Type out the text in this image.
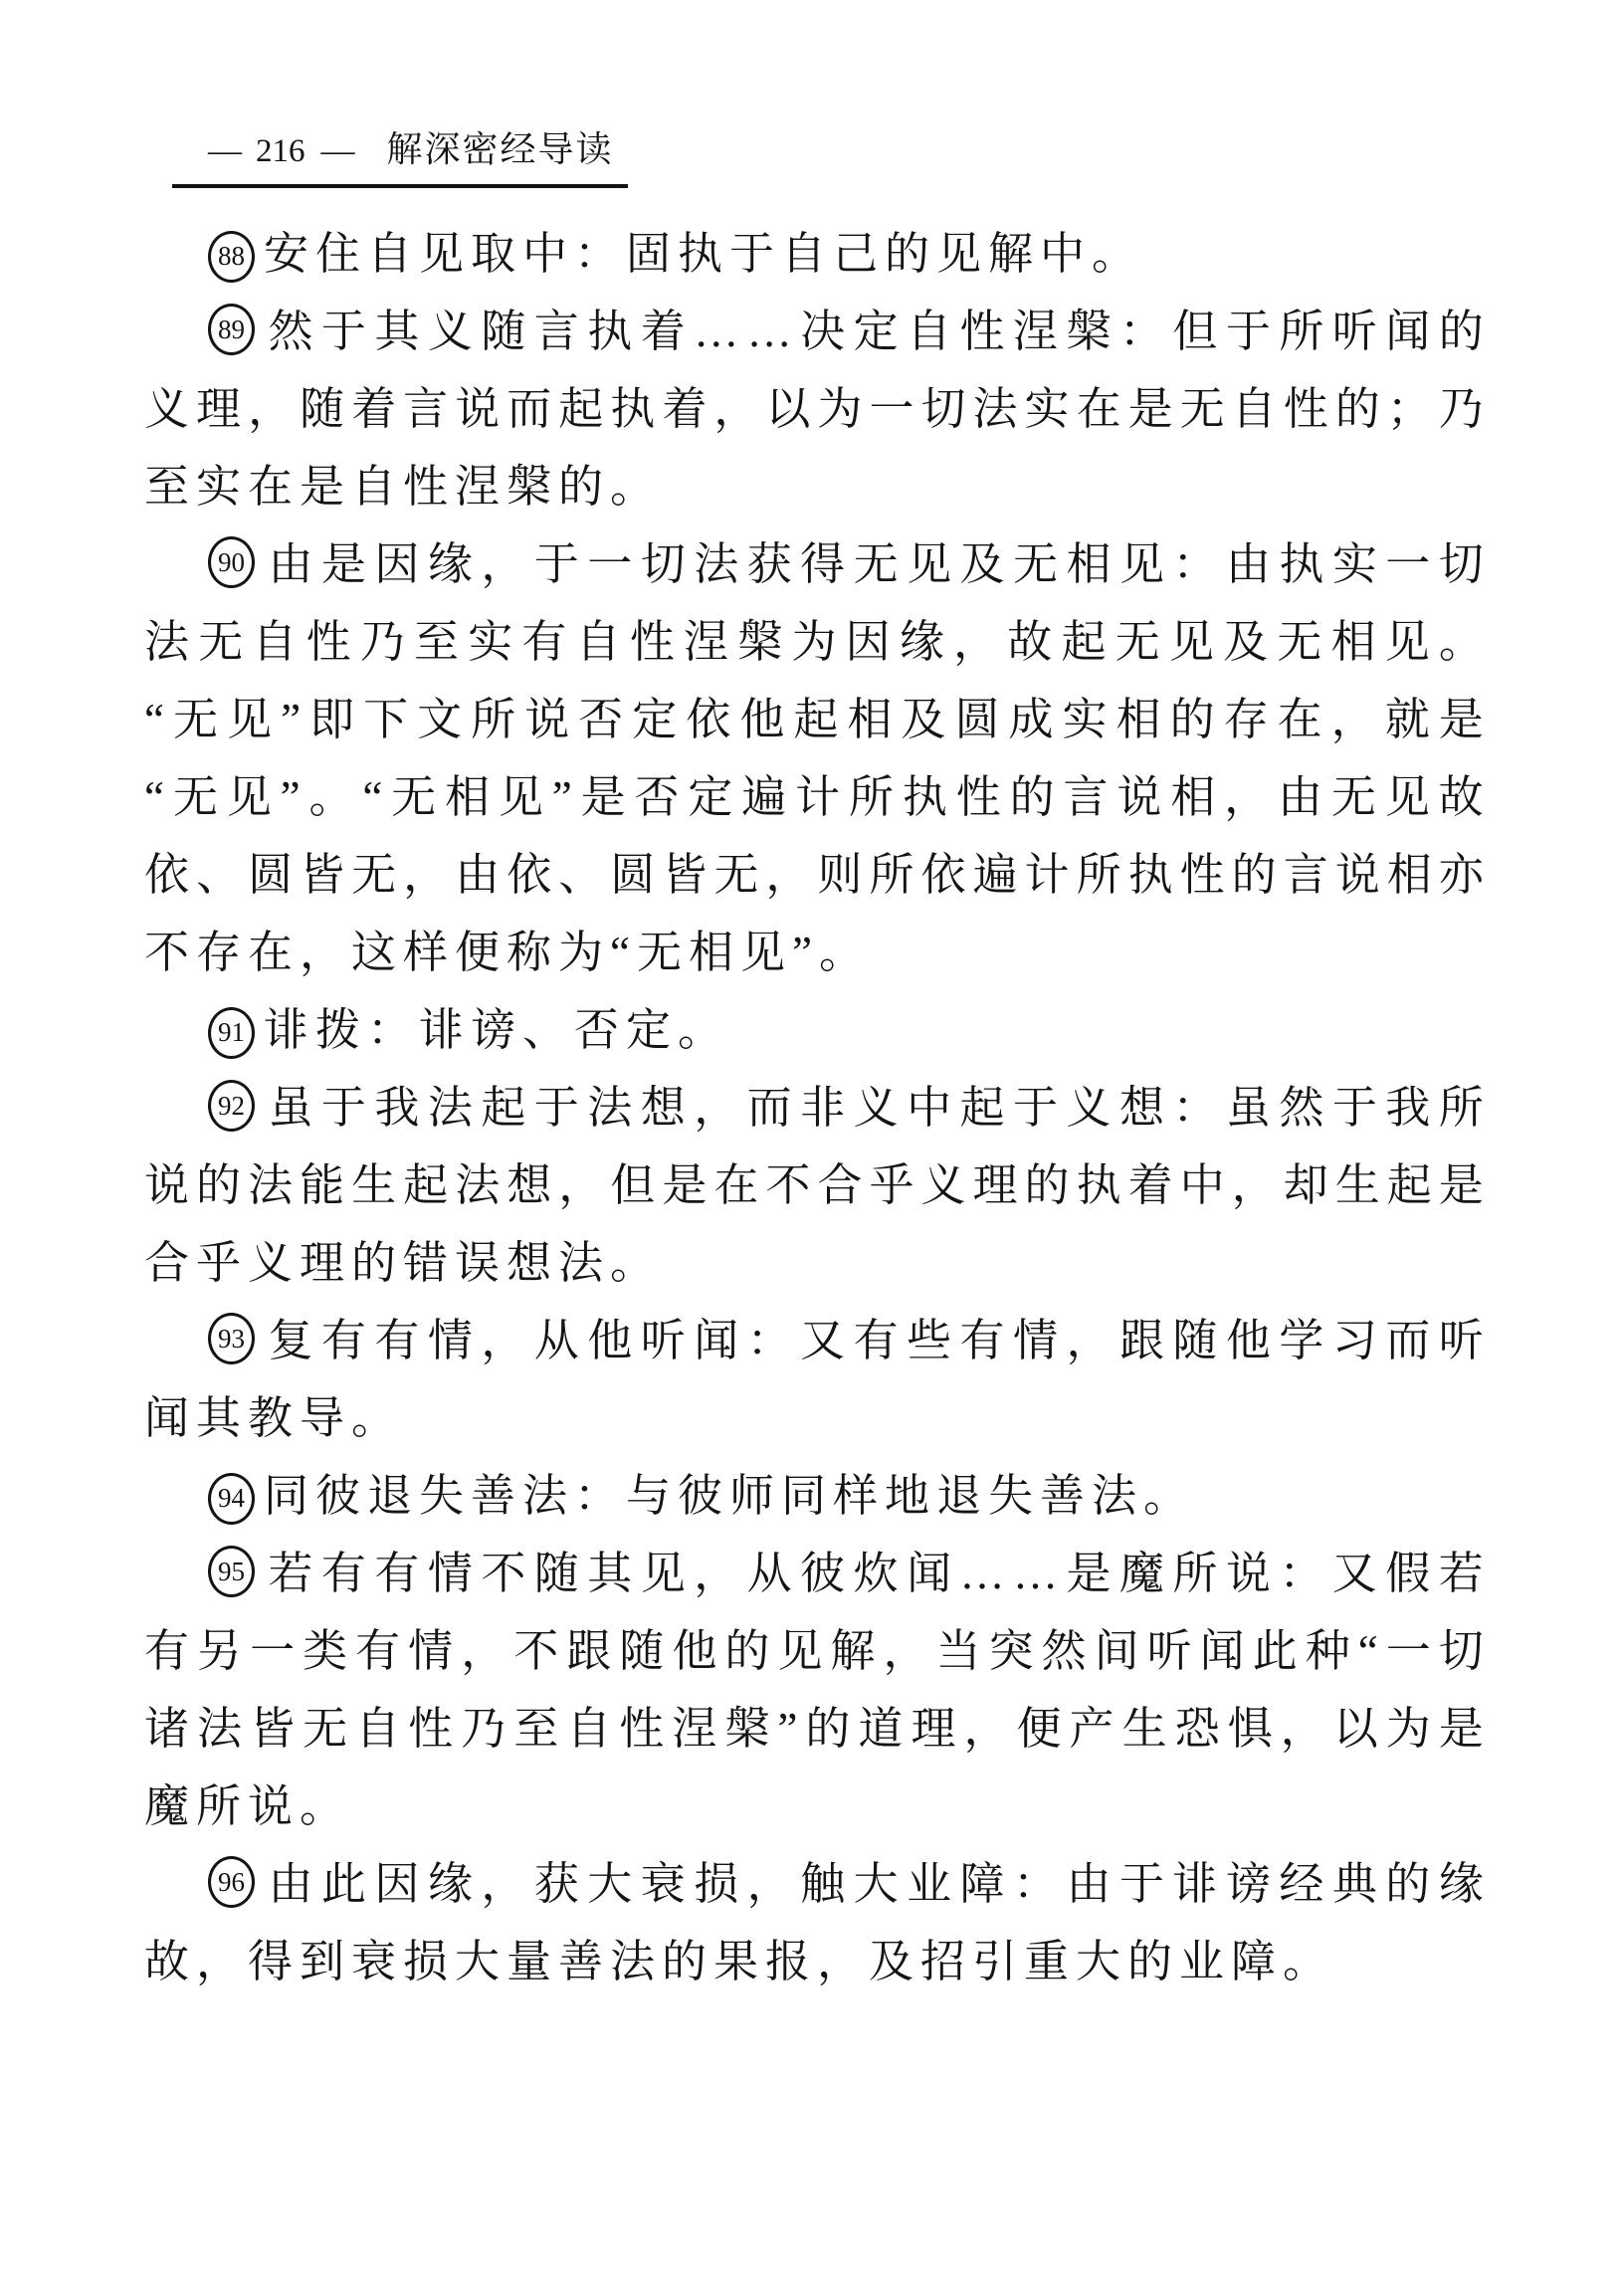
— 216 — 解深密经导读
88 安住自见取中：固执于自己的见解中。
89 然 于 其 义 随 言 执 着 … … 决 定 自 性 涅 槃 ： 但 于 所 听 闻 的
义 理 ， 随 着 言 说 而 起 执 着 ， 以 为 一 切 法 实 在 是 无 自 性 的 ； 乃
至实在是自性涅槃的。
90 由 是 因 缘 ， 于 一 切 法 获 得 无 见 及 无 相 见 ： 由 执 实 一 切
法 无 自 性 乃 至 实 有 自 性 涅 槃 为 因 缘 ， 故 起 无 见 及 无 相 见 。
“ 无 见 ” 即 下 文 所 说 否 定 依 他 起 相 及 圆 成 实 相 的 存 在 ， 就 是
“ 无 见 ” 。 “ 无 相 见 ” 是 否 定 遍 计 所 执 性 的 言 说 相 ， 由 无 见 故
依 、 圆 皆 无 ， 由 依 、 圆 皆 无 ， 则 所 依 遍 计 所 执 性 的 言 说 相 亦
不存在，这样便称为“无相见”。
91 诽拨：诽谤、否定。
92 虽 于 我 法 起 于 法 想 ， 而 非 义 中 起 于 义 想 ： 虽 然 于 我 所
说 的 法 能 生 起 法 想 ， 但 是 在 不 合 乎 义 理 的 执 着 中 ， 却 生 起 是
合乎义理的错误想法。
93 复 有 有 情 ， 从 他 听 闻 ： 又 有 些 有 情 ， 跟 随 他 学 习 而 听
闻其教导。
94 同彼退失善法：与彼师同样地退失善法。
95 若 有 有 情 不 随 其 见 ， 从 彼 炊 闻 … … 是 魔 所 说 ： 又 假 若
有 另 一 类 有 情 ， 不 跟 随 他 的 见 解 ， 当 突 然 间 听 闻 此 种 “ 一 切
诸 法 皆 无 自 性 乃 至 自 性 涅 槃 ” 的 道 理 ， 便 产 生 恐 惧 ， 以 为 是
魔所说。
96 由 此 因 缘 ， 获 大 衰 损 ， 触 大 业 障 ： 由 于 诽 谤 经 典 的 缘
故，得到衰损大量善法的果报，及招引重大的业障。
